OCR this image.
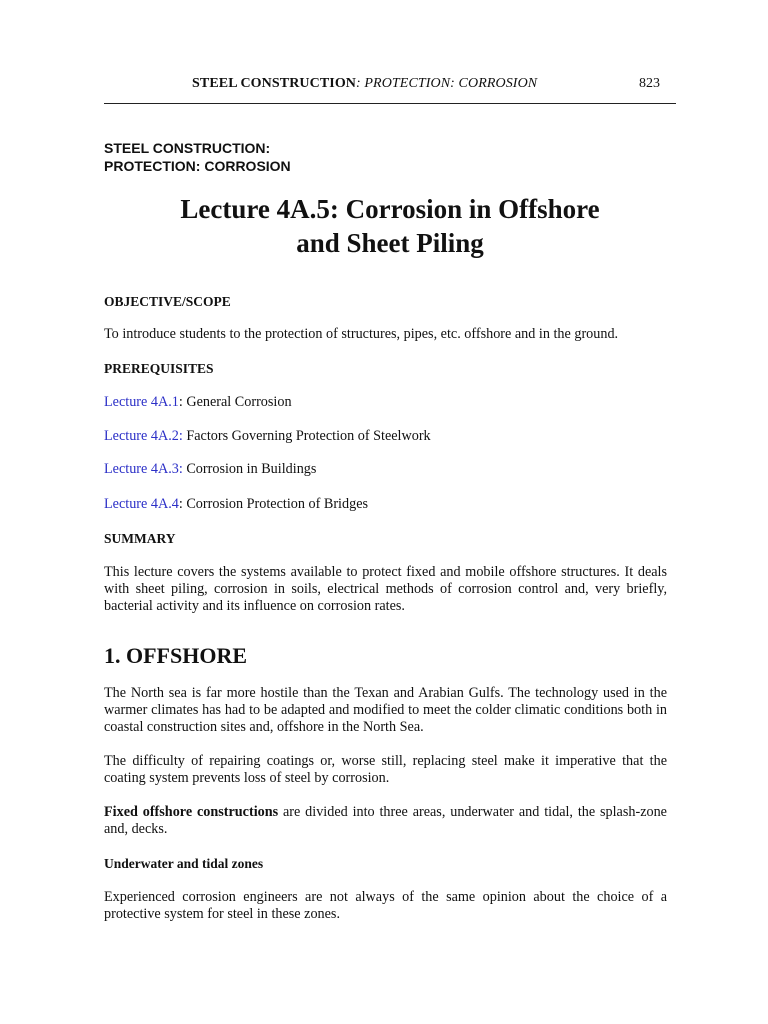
STEEL CONSTRUCTION: PROTECTION: CORROSION	823
STEEL CONSTRUCTION:
PROTECTION: CORROSION
Lecture 4A.5: Corrosion in Offshore
and Sheet Piling
OBJECTIVE/SCOPE
To introduce students to the protection of structures, pipes, etc. offshore and in the ground.
PREREQUISITES
Lecture 4A.1: General Corrosion
Lecture 4A.2: Factors Governing Protection of Steelwork
Lecture 4A.3: Corrosion in Buildings
Lecture 4A.4: Corrosion Protection of Bridges
SUMMARY
This lecture covers the systems available to protect fixed and mobile offshore structures. It deals with sheet piling, corrosion in soils, electrical methods of corrosion control and, very briefly, bacterial activity and its influence on corrosion rates.
1. OFFSHORE
The North sea is far more hostile than the Texan and Arabian Gulfs. The technology used in the warmer climates has had to be adapted and modified to meet the colder climatic conditions both in coastal construction sites and, offshore in the North Sea.
The difficulty of repairing coatings or, worse still, replacing steel make it imperative that the coating system prevents loss of steel by corrosion.
Fixed offshore constructions are divided into three areas, underwater and tidal, the splash-zone and, decks.
Underwater and tidal zones
Experienced corrosion engineers are not always of the same opinion about the choice of a protective system for steel in these zones.
